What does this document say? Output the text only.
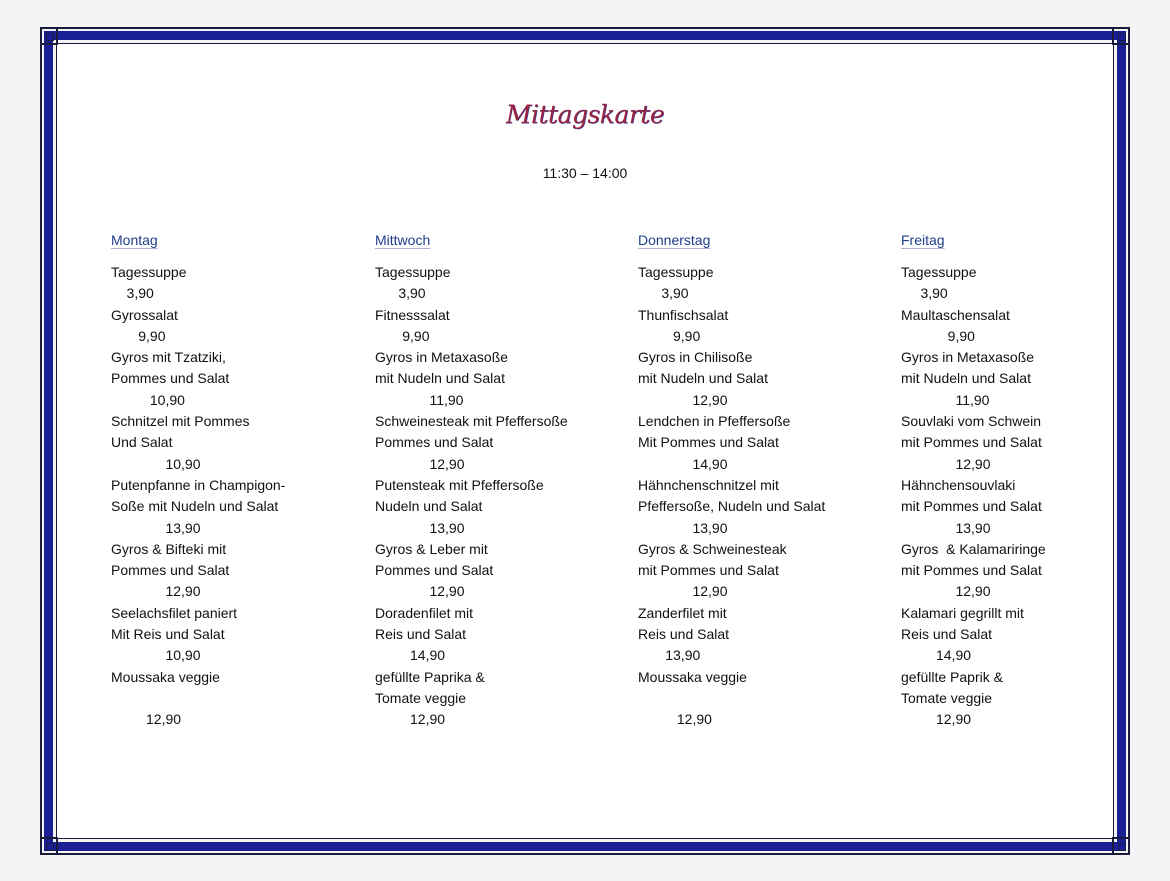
Mittagskarte
11:30 – 14:00
Montag
Tagessuppe
3,90
Gyrossalat
9,90
Gyros mit Tzatziki,
Pommes und Salat
10,90
Schnitzel mit Pommes
Und Salat
10,90
Putenpfanne in Champigon-
Soße mit Nudeln und Salat
13,90
Gyros & Bifteki mit
Pommes und Salat
12,90
Seelachsfilet paniert
Mit Reis und Salat
10,90
Moussaka veggie
12,90
Mittwoch
Tagessuppe
3,90
Fitnesssalat
9,90
Gyros in Metaxasoße
mit Nudeln und Salat
11,90
Schweinesteak mit Pfeffersoße
Pommes und Salat
12,90
Putensteak mit Pfeffersoße
Nudeln und Salat
13,90
Gyros & Leber mit
Pommes und Salat
12,90
Doradenfilet mit
Reis und Salat
14,90
gefüllte Paprika &
Tomate veggie
12,90
Donnerstag
Tagessuppe
3,90
Thunfischsalat
9,90
Gyros in Chilisoße
mit Nudeln und Salat
12,90
Lendchen in Pfeffersoße
Mit Pommes und Salat
14,90
Hähnchenschnitzel mit
Pfeffersoße, Nudeln und Salat
13,90
Gyros & Schweinesteak
mit Pommes und Salat
12,90
Zanderfilet mit
Reis und Salat
13,90
Moussaka veggie
12,90
Freitag
Tagessuppe
3,90
Maultaschensalat
9,90
Gyros in Metaxasoße
mit Nudeln und Salat
11,90
Souvlaki vom Schwein
mit Pommes und Salat
12,90
Hähnchensouvlaki
mit Pommes und Salat
13,90
Gyros  & Kalamariringe
mit Pommes und Salat
12,90
Kalamari gegrillt mit
Reis und Salat
14,90
gefüllte Paprik &
Tomate veggie
12,90
